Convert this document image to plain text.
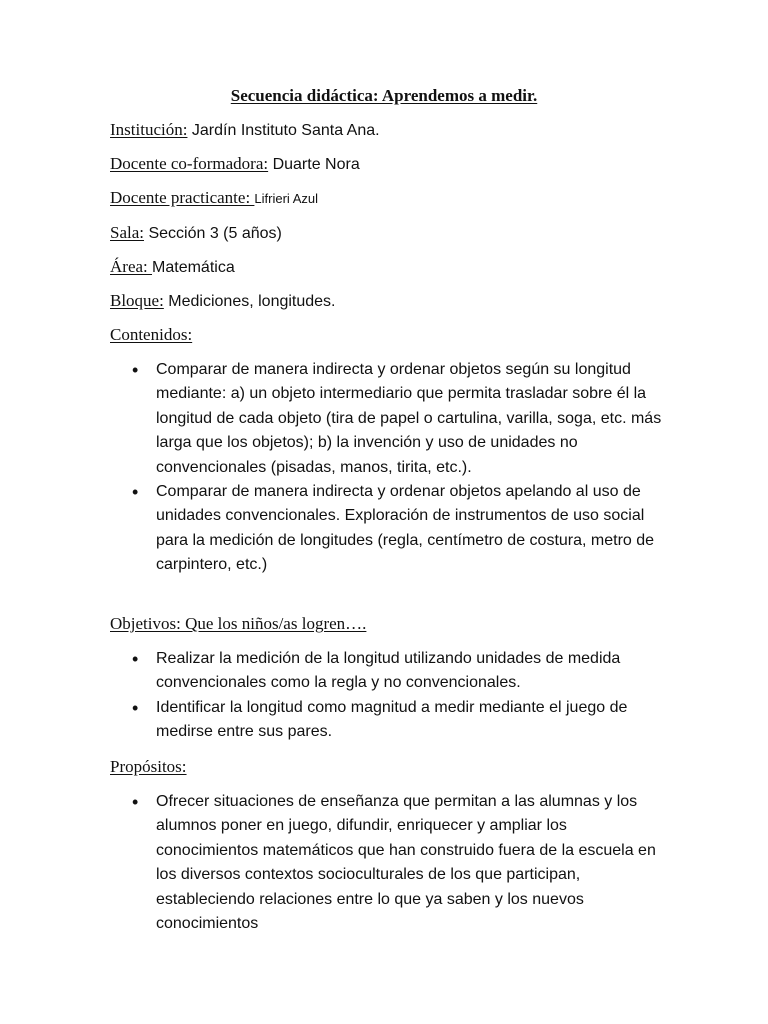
Secuencia didáctica: Aprendemos a medir.
Institución: Jardín Instituto Santa Ana.
Docente co-formadora: Duarte Nora
Docente practicante: Lifrieri Azul
Sala: Sección 3 (5 años)
Área: Matemática
Bloque: Mediciones, longitudes.
Contenidos:
• Comparar de manera indirecta y ordenar objetos según su longitud mediante: a) un objeto intermediario que permita trasladar sobre él la longitud de cada objeto (tira de papel o cartulina, varilla, soga, etc. más larga que los objetos); b) la invención y uso de unidades no convencionales (pisadas, manos, tirita, etc.).
• Comparar de manera indirecta y ordenar objetos apelando al uso de unidades convencionales. Exploración de instrumentos de uso social para la medición de longitudes (regla, centímetro de costura, metro de carpintero, etc.)
Objetivos: Que los niños/as logren….
• Realizar la medición de la longitud utilizando unidades de medida convencionales como la regla y no convencionales.
• Identificar la longitud como magnitud a medir mediante el juego de medirse entre sus pares.
Propósitos:
• Ofrecer situaciones de enseñanza que permitan a las alumnas y los alumnos poner en juego, difundir, enriquecer y ampliar los conocimientos matemáticos que han construido fuera de la escuela en los diversos contextos socioculturales de los que participan, estableciendo relaciones entre lo que ya saben y los nuevos conocimientos
